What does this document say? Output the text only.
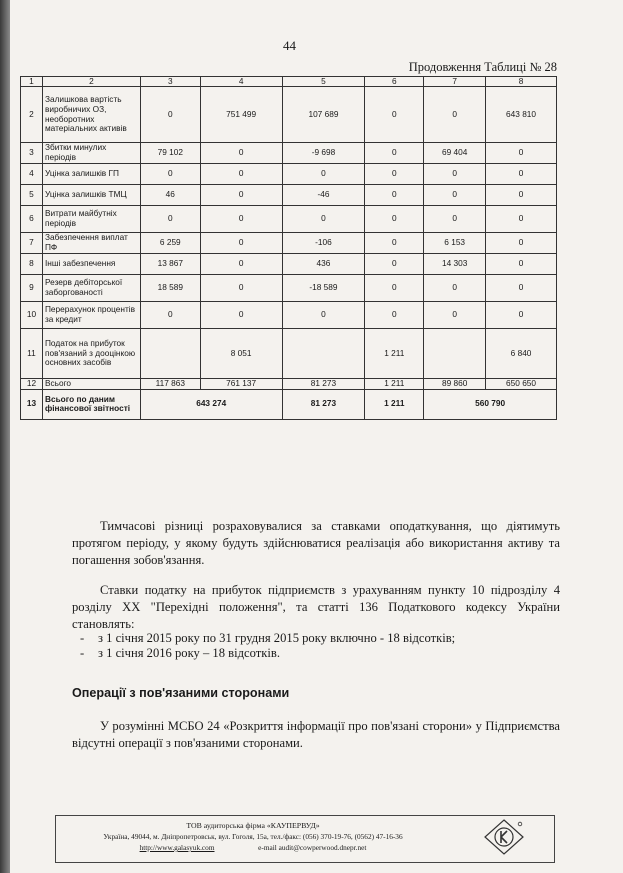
44
Продовження Таблиці № 28
1	2	3	4	5	6	7	8
2	Залишкова вартість виробничих ОЗ, необоротних матеріальних активів	0	751 499	107 689	0	0	643 810
3	Збитки минулих періодів	79 102	0	-9 698	0	69 404	0
4	Уцінка залишків ГП	0	0	0	0	0	0
5	Уцінка залишків ТМЦ	46	0	-46	0	0	0
6	Витрати майбутніх періодів	0	0	0	0	0	0
7	Забезпечення виплат ПФ	6 259	0	-106	0	6 153	0
8	Інші забезпечення	13 867	0	436	0	14 303	0
9	Резерв дебіторської заборгованості	18 589	0	-18 589	0	0	0
10	Перерахунок процентів за кредит	0	0	0	0	0	0
11	Податок на прибуток пов'язаний з дооцінкою основних засобів		8 051		1 211		6 840
12	Всього	117 863	761 137	81 273	1 211	89 860	650 650
13	Всього по даним фінансової звітності	643 274		81 273	1 211	560 790	
Тимчасові різниці розраховувалися за ставками оподаткування, що діятимуть протягом періоду, у якому будуть здійснюватися реалізація або використання активу та погашення зобов'язання.
Ставки податку на прибуток підприємств з урахуванням пункту 10 підрозділу 4 розділу XX "Перехідні положення", та статті 136 Податкового кодексу України становлять:
- з 1 січня 2015 року по 31 грудня 2015 року включно - 18 відсотків;
- з 1 січня 2016 року – 18 відсотків.
Операції з пов'язаними сторонами
У розумінні МСБО 24 «Розкриття інформації про пов'язані сторони» у Підприємства відсутні операції з пов'язаними сторонами.
ТОВ аудиторська фірма «КАУПЕРВУД»
Україна, 49044, м. Дніпропетровськ, вул. Гоголя, 15а, тел./факс: (056) 370-19-76, (0562) 47-16-36
http://www.galasyuk.com	e-mail audit@cowperwood.dnepr.net
